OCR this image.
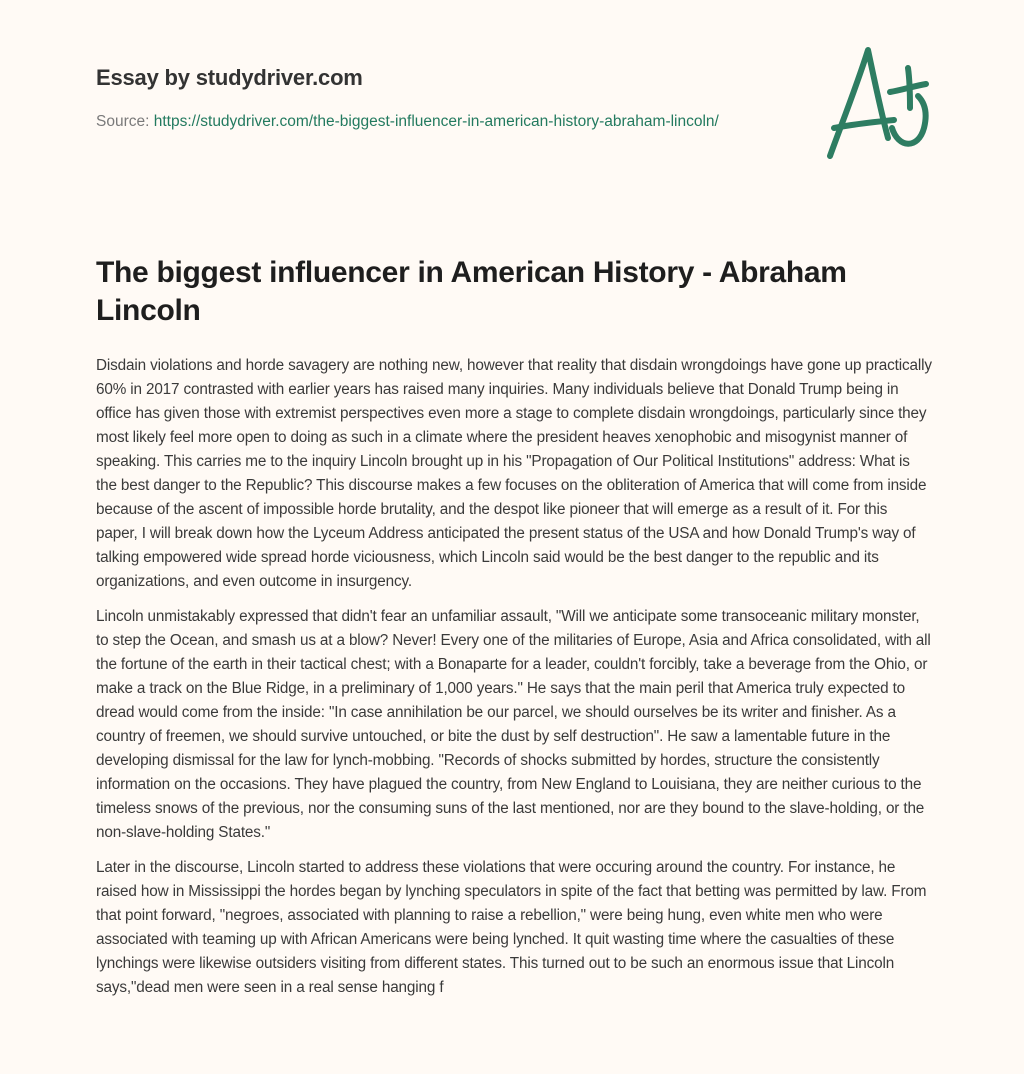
Essay by studydriver.com
Source: https://studydriver.com/the-biggest-influencer-in-american-history-abraham-lincoln/
The biggest influencer in American History - Abraham Lincoln

Disdain violations and horde savagery are nothing new, however that reality that disdain wrongdoings have gone up practically 60% in 2017 contrasted with earlier years has raised many inquiries. Many individuals believe that Donald Trump being in office has given those with extremist perspectives even more a stage to complete disdain wrongdoings, particularly since they most likely feel more open to doing as such in a climate where the president heaves xenophobic and misogynist manner of speaking. This carries me to the inquiry Lincoln brought up in his "Propagation of Our Political Institutions" address: What is the best danger to the Republic? This discourse makes a few focuses on the obliteration of America that will come from inside because of the ascent of impossible horde brutality, and the despot like pioneer that will emerge as a result of it. For this paper, I will break down how the Lyceum Address anticipated the present status of the USA and how Donald Trump's way of talking empowered wide spread horde viciousness, which Lincoln said would be the best danger to the republic and its organizations, and even outcome in insurgency.

Lincoln unmistakably expressed that didn't fear an unfamiliar assault, "Will we anticipate some transoceanic military monster, to step the Ocean, and smash us at a blow? Never! Every one of the militaries of Europe, Asia and Africa consolidated, with all the fortune of the earth in their tactical chest; with a Bonaparte for a leader, couldn't forcibly, take a beverage from the Ohio, or make a track on the Blue Ridge, in a preliminary of 1,000 years." He says that the main peril that America truly expected to dread would come from the inside: "In case annihilation be our parcel, we should ourselves be its writer and finisher. As a country of freemen, we should survive untouched, or bite the dust by self destruction". He saw a lamentable future in the developing dismissal for the law for lynch-mobbing. "Records of shocks submitted by hordes, structure the consistently information on the occasions. They have plagued the country, from New England to Louisiana, they are neither curious to the timeless snows of the previous, nor the consuming suns of the last mentioned, nor are they bound to the slave-holding, or the non-slave-holding States."

Later in the discourse, Lincoln started to address these violations that were occuring around the country. For instance, he raised how in Mississippi the hordes began by lynching speculators in spite of the fact that betting was permitted by law. From that point forward, "negroes, associated with planning to raise a rebellion," were being hung, even white men who were associated with teaming up with African Americans were being lynched. It quit wasting time where the casualties of these lynchings were likewise outsiders visiting from different states. This turned out to be such an enormous issue that Lincoln says,"dead men were seen in a real sense hanging f
